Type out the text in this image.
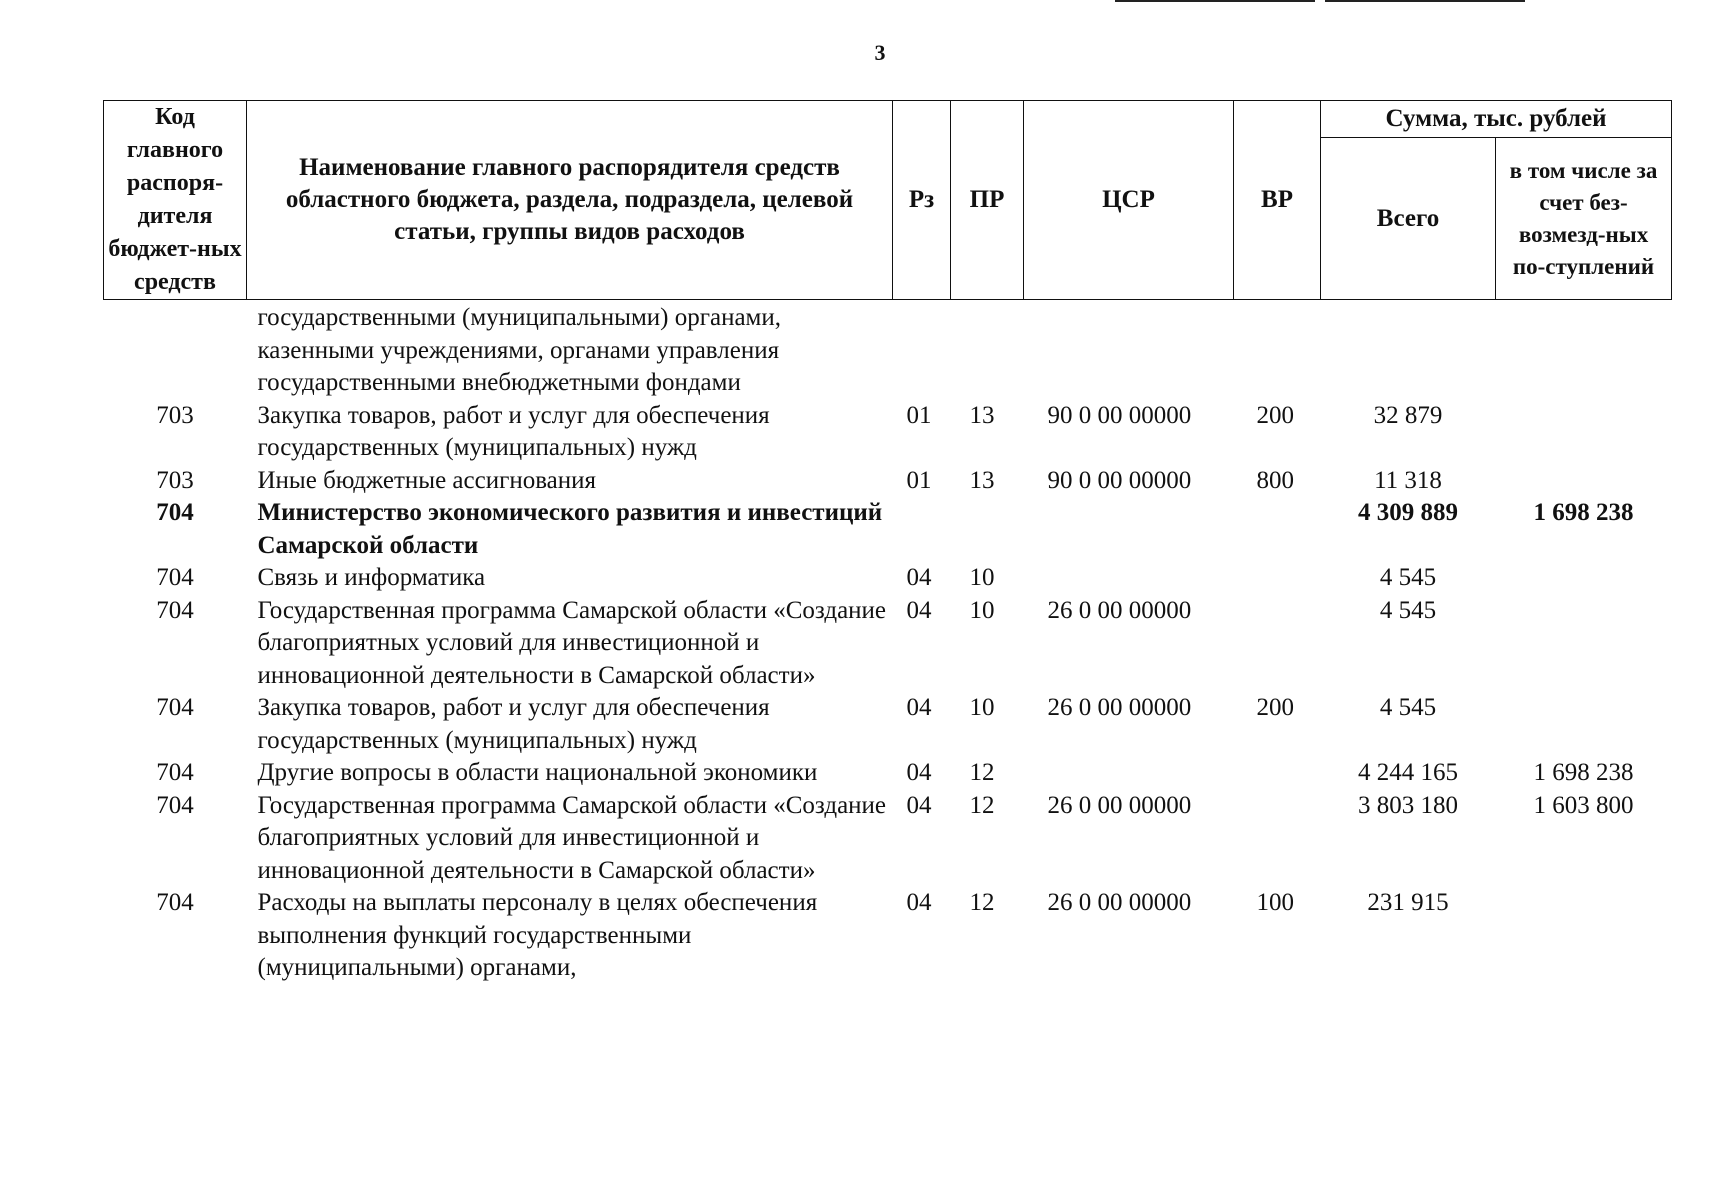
3
Код главного распоря-дителя бюджет-ных средств	Наименование главного распорядителя средств областного бюджета, раздела, подраздела, целевой статьи, группы видов расходов	Рз	ПР	ЦСР	ВР	Сумма, тыс. рублей	
						Всего	в том числе за счет без-возмезд-ных по-ступлений
	государственными (муниципальными) органами, казенными учреждениями, органами управления государственными внебюджетными фондами						
703	Закупка товаров, работ и услуг для обеспечения государственных (муниципальных) нужд	01	13	90 0 00 00000	200	32 879	
703	Иные бюджетные ассигнования	01	13	90 0 00 00000	800	11 318	
704	Министерство экономического развития и инвестиций Самарской области					4 309 889	1 698 238
704	Связь и информатика	04	10			4 545	
704	Государственная программа Самарской области «Создание благоприятных условий для инвестиционной и инновационной деятельности в Самарской области»	04	10	26 0 00 00000		4 545	
704	Закупка товаров, работ и услуг для обеспечения государственных (муниципальных) нужд	04	10	26 0 00 00000	200	4 545	
704	Другие вопросы в области национальной экономики	04	12			4 244 165	1 698 238
704	Государственная программа Самарской области «Создание благоприятных условий для инвестиционной и инновационной деятельности в Самарской области»	04	12	26 0 00 00000		3 803 180	1 603 800
704	Расходы на выплаты персоналу в целях обеспечения выполнения функций государственными (муниципальными) органами,	04	12	26 0 00 00000	100	231 915	
